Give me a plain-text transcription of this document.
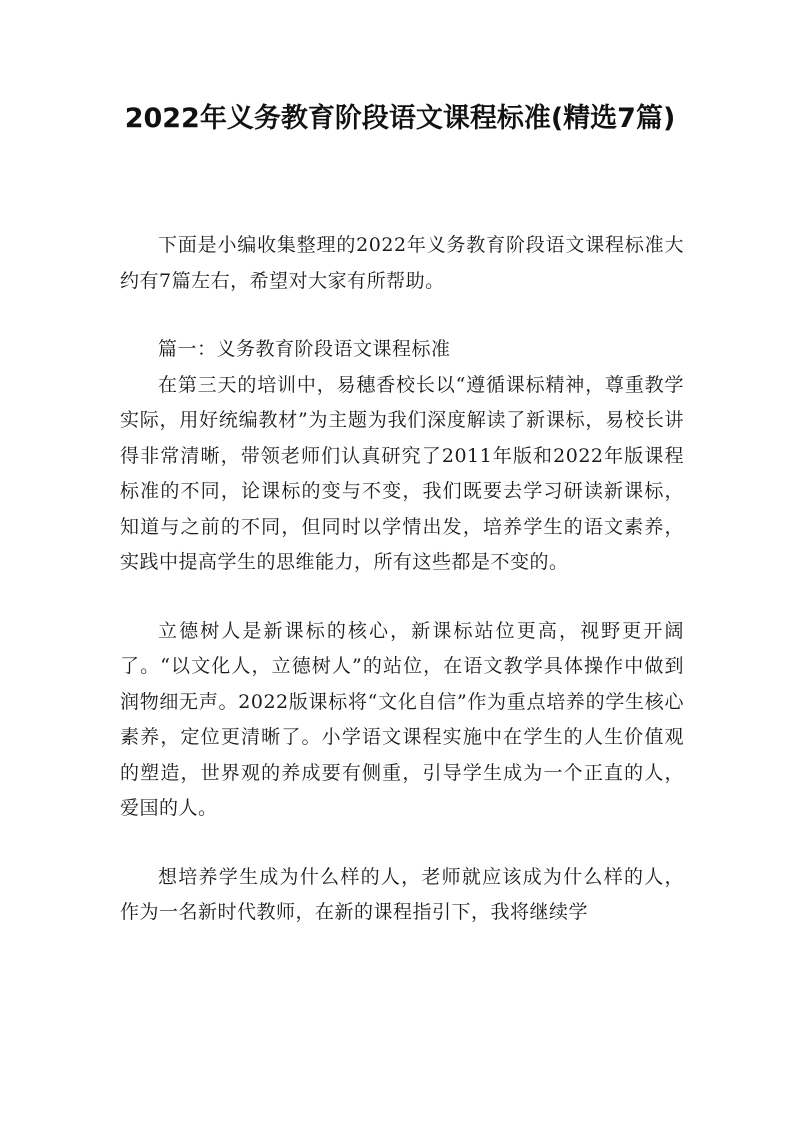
2022年义务教育阶段语文课程标准(精选7篇)

下面是小编收集整理的2022年义务教育阶段语文课程标准大约有7篇左右，希望对大家有所帮助。

篇一：义务教育阶段语文课程标准

在第三天的培训中，易穗香校长以“遵循课标精神，尊重教学实际，用好统编教材”为主题为我们深度解读了新课标，易校长讲得非常清晰，带领老师们认真研究了2011年版和2022年版课程标准的不同，论课标的变与不变，我们既要去学习研读新课标，知道与之前的不同，但同时以学情出发，培养学生的语文素养，实践中提高学生的思维能力，所有这些都是不变的。

立德树人是新课标的核心，新课标站位更高，视野更开阔了。“以文化人，立德树人”的站位，在语文教学具体操作中做到润物细无声。2022版课标将“文化自信”作为重点培养的学生核心素养，定位更清晰了。小学语文课程实施中在学生的人生价值观的塑造，世界观的养成要有侧重，引导学生成为一个正直的人，爱国的人。

想培养学生成为什么样的人，老师就应该成为什么样的人，作为一名新时代教师，在新的课程指引下，我将继续学
